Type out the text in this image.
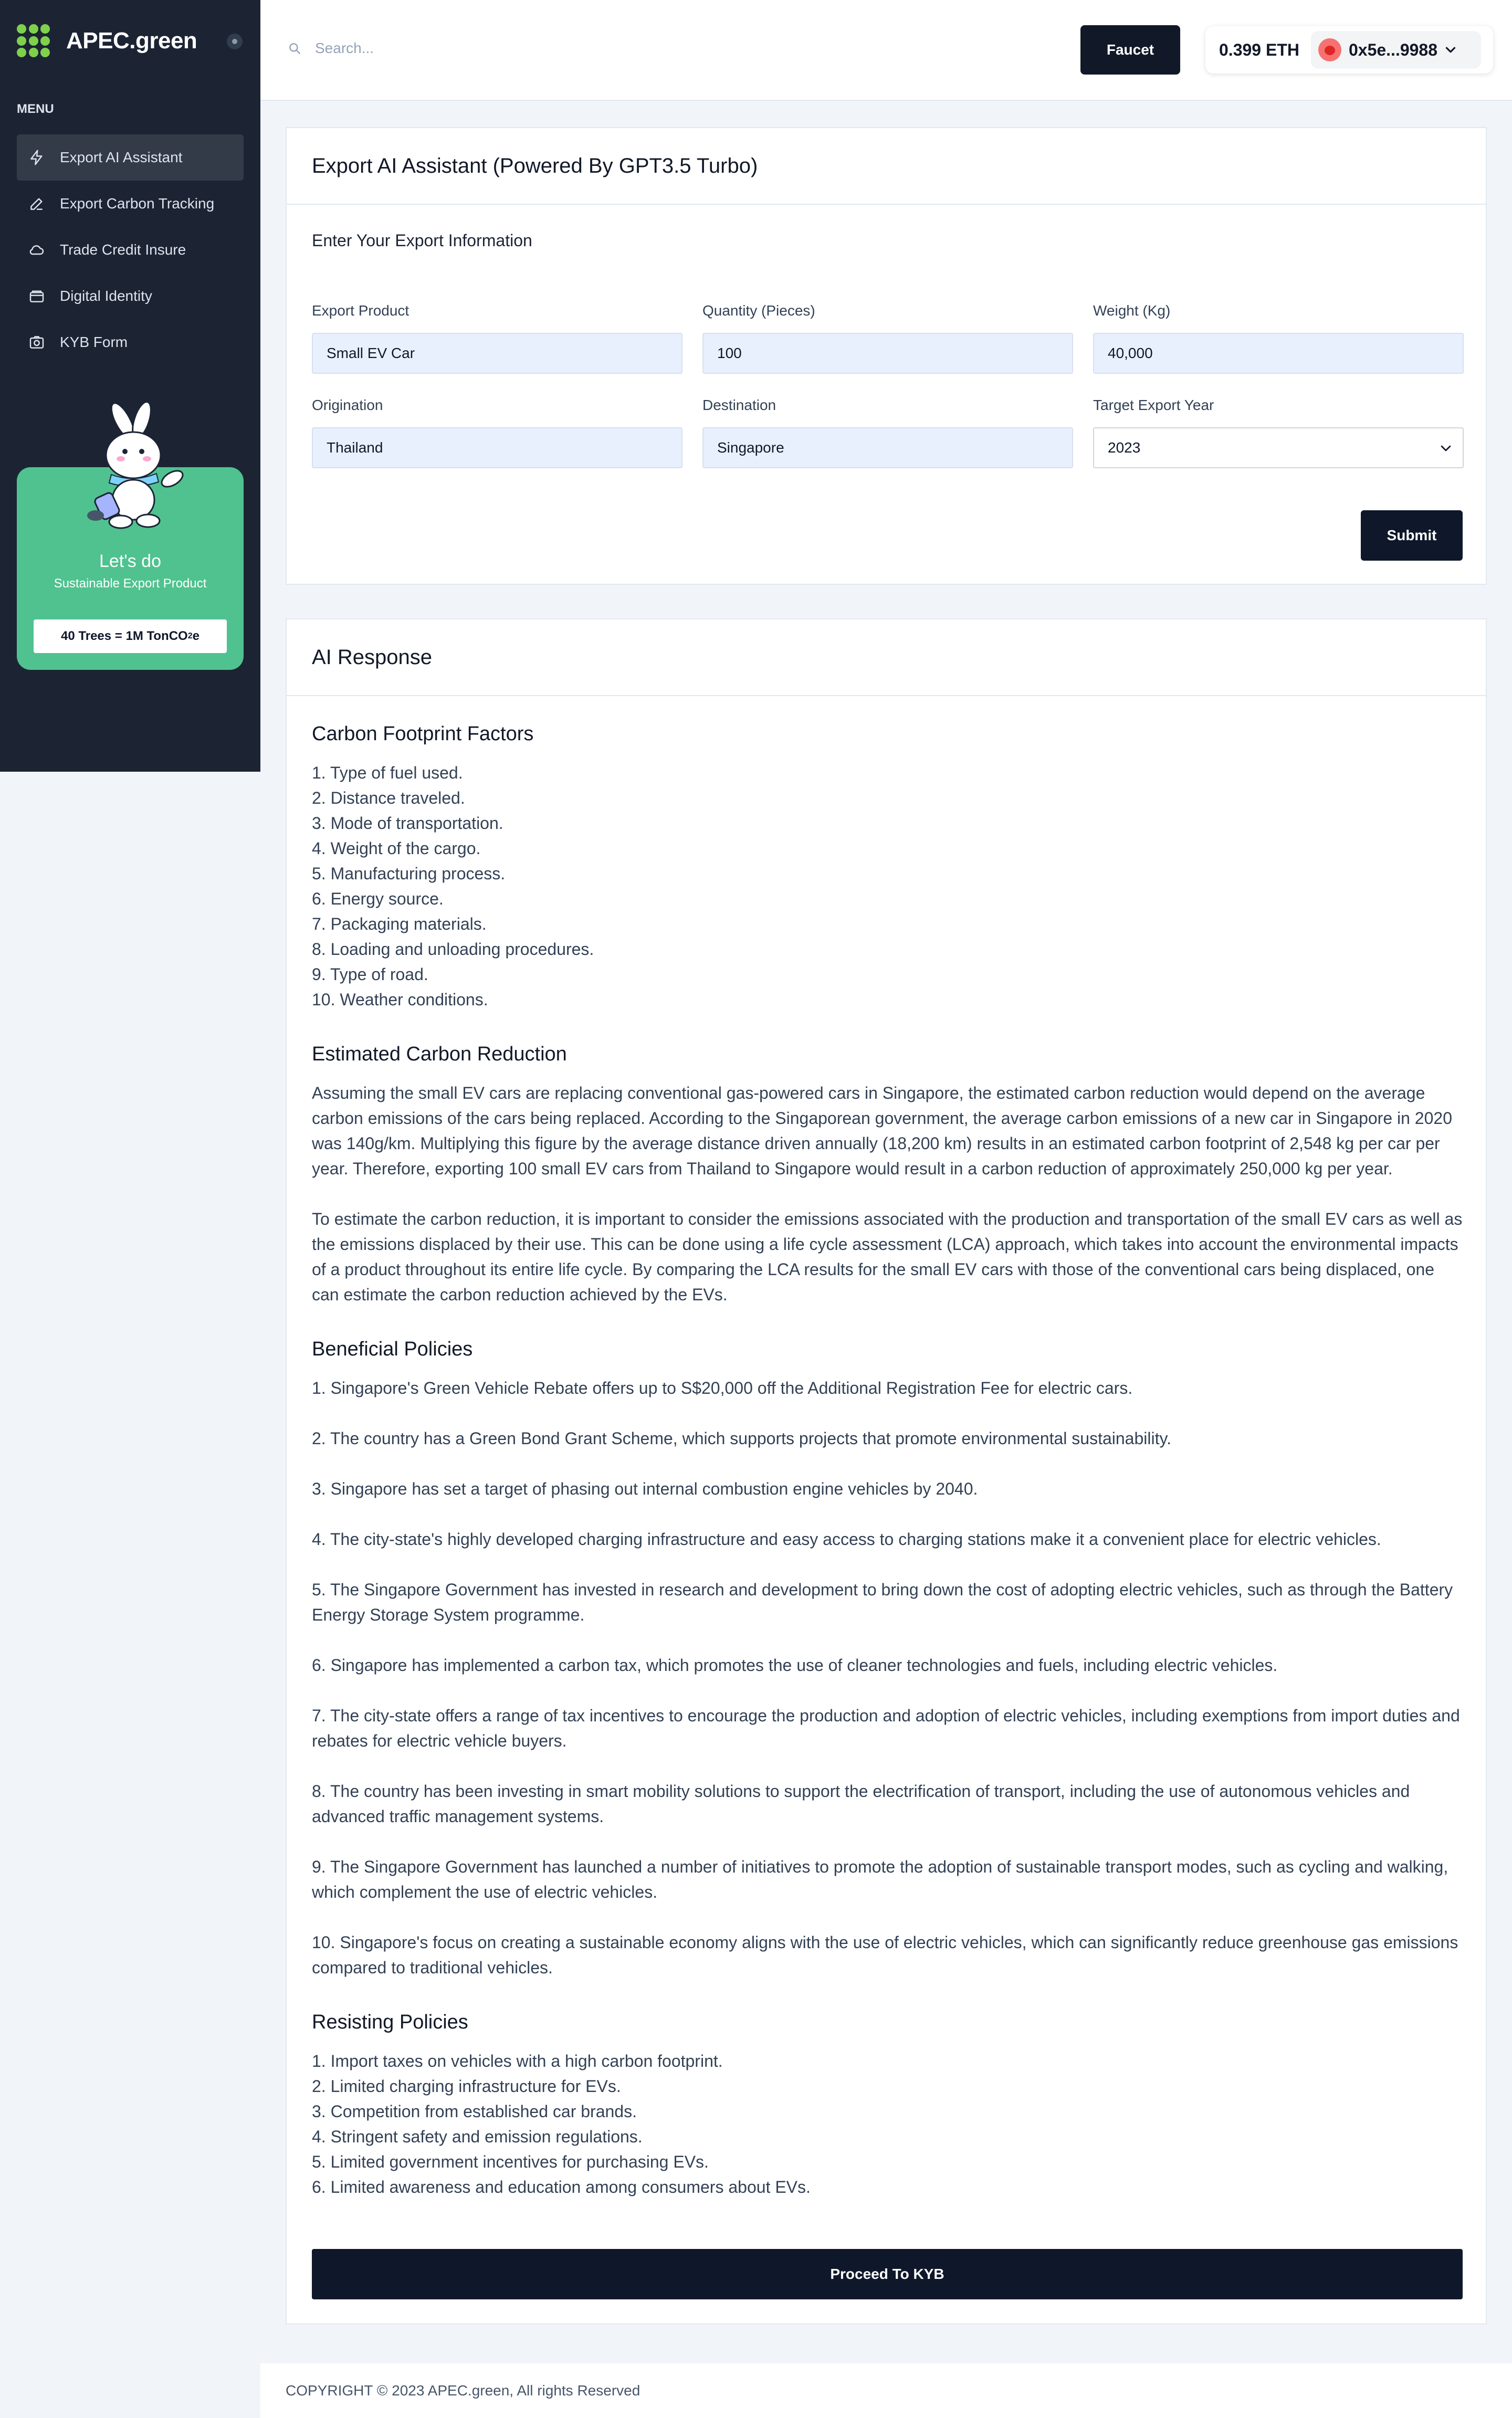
APEC.green
MENU
Export AI Assistant
Export Carbon Tracking
Trade Credit Insure
Digital Identity
KYB Form
Let's do
Sustainable Export Product
40 Trees = 1M TonCO 2 e
Search...
Faucet	0.399 ETH	0x5e...9988
Export AI Assistant (Powered By GPT3.5 Turbo)
Enter Your Export Information
Export Product
Small EV Car
Quantity (Pieces)
100
Weight (Kg)
40,000
Origination
Thailand
Destination
Singapore
Target Export Year
2023
Submit
AI Response
Carbon Footprint Factors
1. Type of fuel used.
2. Distance traveled.
3. Mode of transportation.
4. Weight of the cargo.
5. Manufacturing process.
6. Energy source.
7. Packaging materials.
8. Loading and unloading procedures.
9. Type of road.
10. Weather conditions.
Estimated Carbon Reduction

Assuming the small EV cars are replacing conventional gas-powered cars in Singapore, the estimated carbon reduction would depend on the average carbon emissions of the cars being replaced. According to the Singaporean government, the average carbon emissions of a new car in Singapore in 2020 was 140g/km. Multiplying this figure by the average distance driven annually (18,200 km) results in an estimated carbon footprint of 2,548 kg per car per year. Therefore, exporting 100 small EV cars from Thailand to Singapore would result in a carbon reduction of approximately 250,000 kg per year.

To estimate the carbon reduction, it is important to consider the emissions associated with the production and transportation of the small EV cars as well as the emissions displaced by their use. This can be done using a life cycle assessment (LCA) approach, which takes into account the environmental impacts of a product throughout its entire life cycle. By comparing the LCA results for the small EV cars with those of the conventional cars being displaced, one can estimate the carbon reduction achieved by the EVs.

Beneficial Policies

1. Singapore's Green Vehicle Rebate offers up to S$20,000 off the Additional Registration Fee for electric cars.

2. The country has a Green Bond Grant Scheme, which supports projects that promote environmental sustainability.

3. Singapore has set a target of phasing out internal combustion engine vehicles by 2040.

4. The city-state's highly developed charging infrastructure and easy access to charging stations make it a convenient place for electric vehicles.

5. The Singapore Government has invested in research and development to bring down the cost of adopting electric vehicles, such as through the Battery Energy Storage System programme.

6. Singapore has implemented a carbon tax, which promotes the use of cleaner technologies and fuels, including electric vehicles.

7. The city-state offers a range of tax incentives to encourage the production and adoption of electric vehicles, including exemptions from import duties and rebates for electric vehicle buyers.

8. The country has been investing in smart mobility solutions to support the electrification of transport, including the use of autonomous vehicles and advanced traffic management systems.

9. The Singapore Government has launched a number of initiatives to promote the adoption of sustainable transport modes, such as cycling and walking, which complement the use of electric vehicles.

10. Singapore's focus on creating a sustainable economy aligns with the use of electric vehicles, which can significantly reduce greenhouse gas emissions compared to traditional vehicles.

Resisting Policies
1. Import taxes on vehicles with a high carbon footprint.
2. Limited charging infrastructure for EVs.
3. Competition from established car brands.
4. Stringent safety and emission regulations.
5. Limited government incentives for purchasing EVs.
6. Limited awareness and education among consumers about EVs.
Proceed To KYB
COPYRIGHT © 2023 APEC.green, All rights Reserved
